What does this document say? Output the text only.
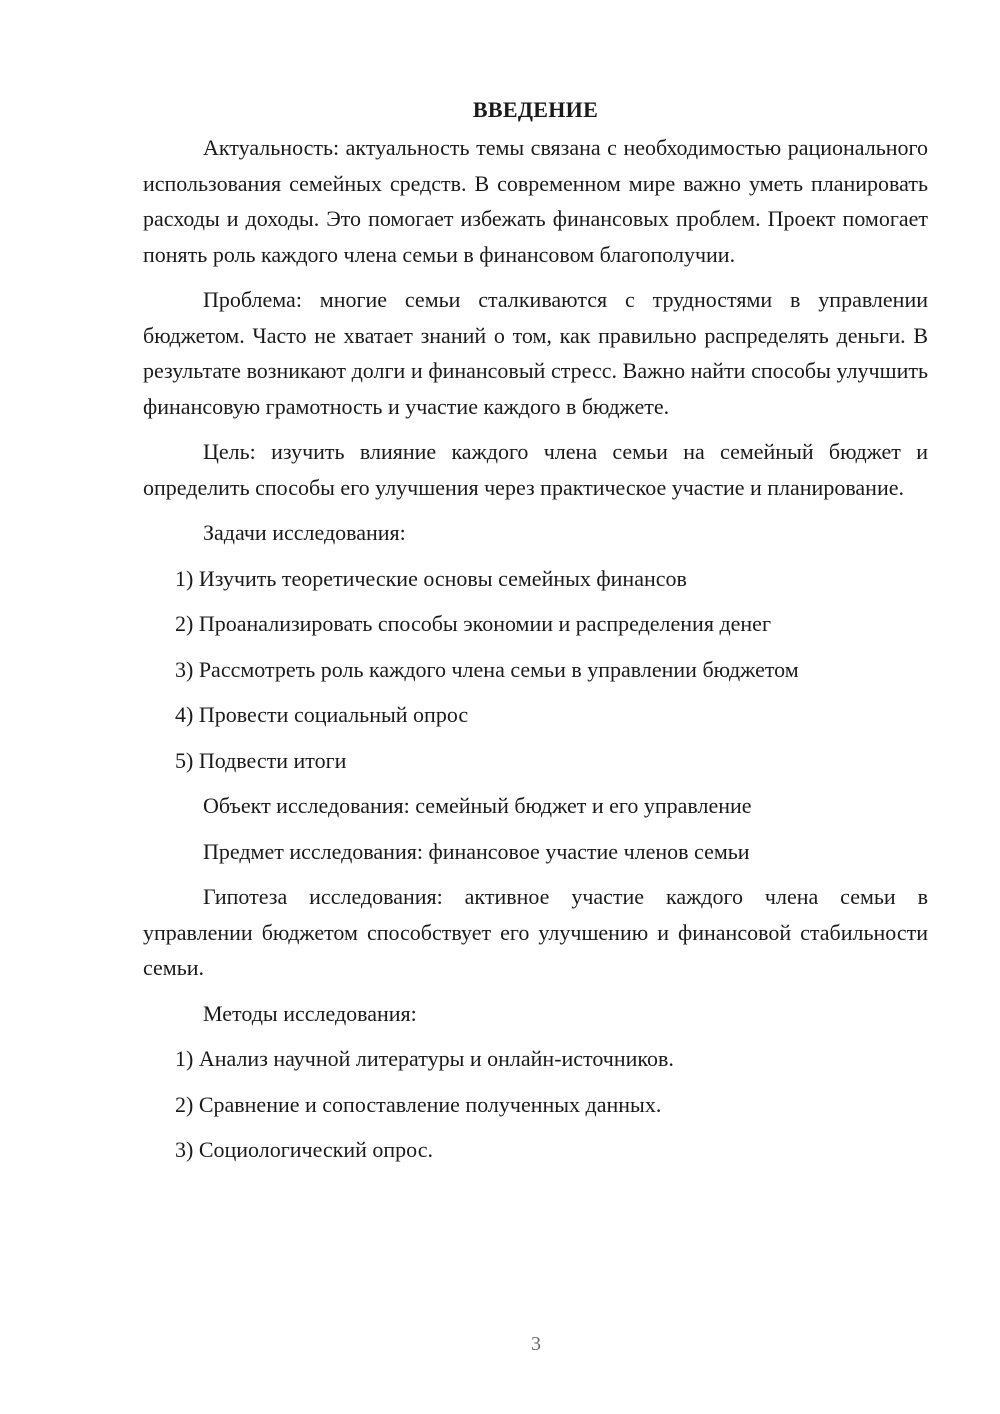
ВВЕДЕНИЕ

Актуальность: актуальность темы связана с необходимостью рационального использования семейных средств. В современном мире важно уметь планировать расходы и доходы. Это помогает избежать финансовых проблем. Проект помогает понять роль каждого члена семьи в финансовом благополучии.

Проблема: многие семьи сталкиваются с трудностями в управлении бюджетом. Часто не хватает знаний о том, как правильно распределять деньги. В результате возникают долги и финансовый стресс. Важно найти способы улучшить финансовую грамотность и участие каждого в бюджете.

Цель: изучить влияние каждого члена семьи на семейный бюджет и определить способы его улучшения через практическое участие и планирование.

Задачи исследования:

1) Изучить теоретические основы семейных финансов
2) Проанализировать способы экономии и распределения денег
3) Рассмотреть роль каждого члена семьи в управлении бюджетом
4) Провести социальный опрос
5) Подвести итоги

Объект исследования: семейный бюджет и его управление

Предмет исследования: финансовое участие членов семьи

Гипотеза исследования: активное участие каждого члена семьи в управлении бюджетом способствует его улучшению и финансовой стабильности семьи.

Методы исследования:

1) Анализ научной литературы и онлайн-источников.
2) Сравнение и сопоставление полученных данных.
3) Социологический опрос.
3
